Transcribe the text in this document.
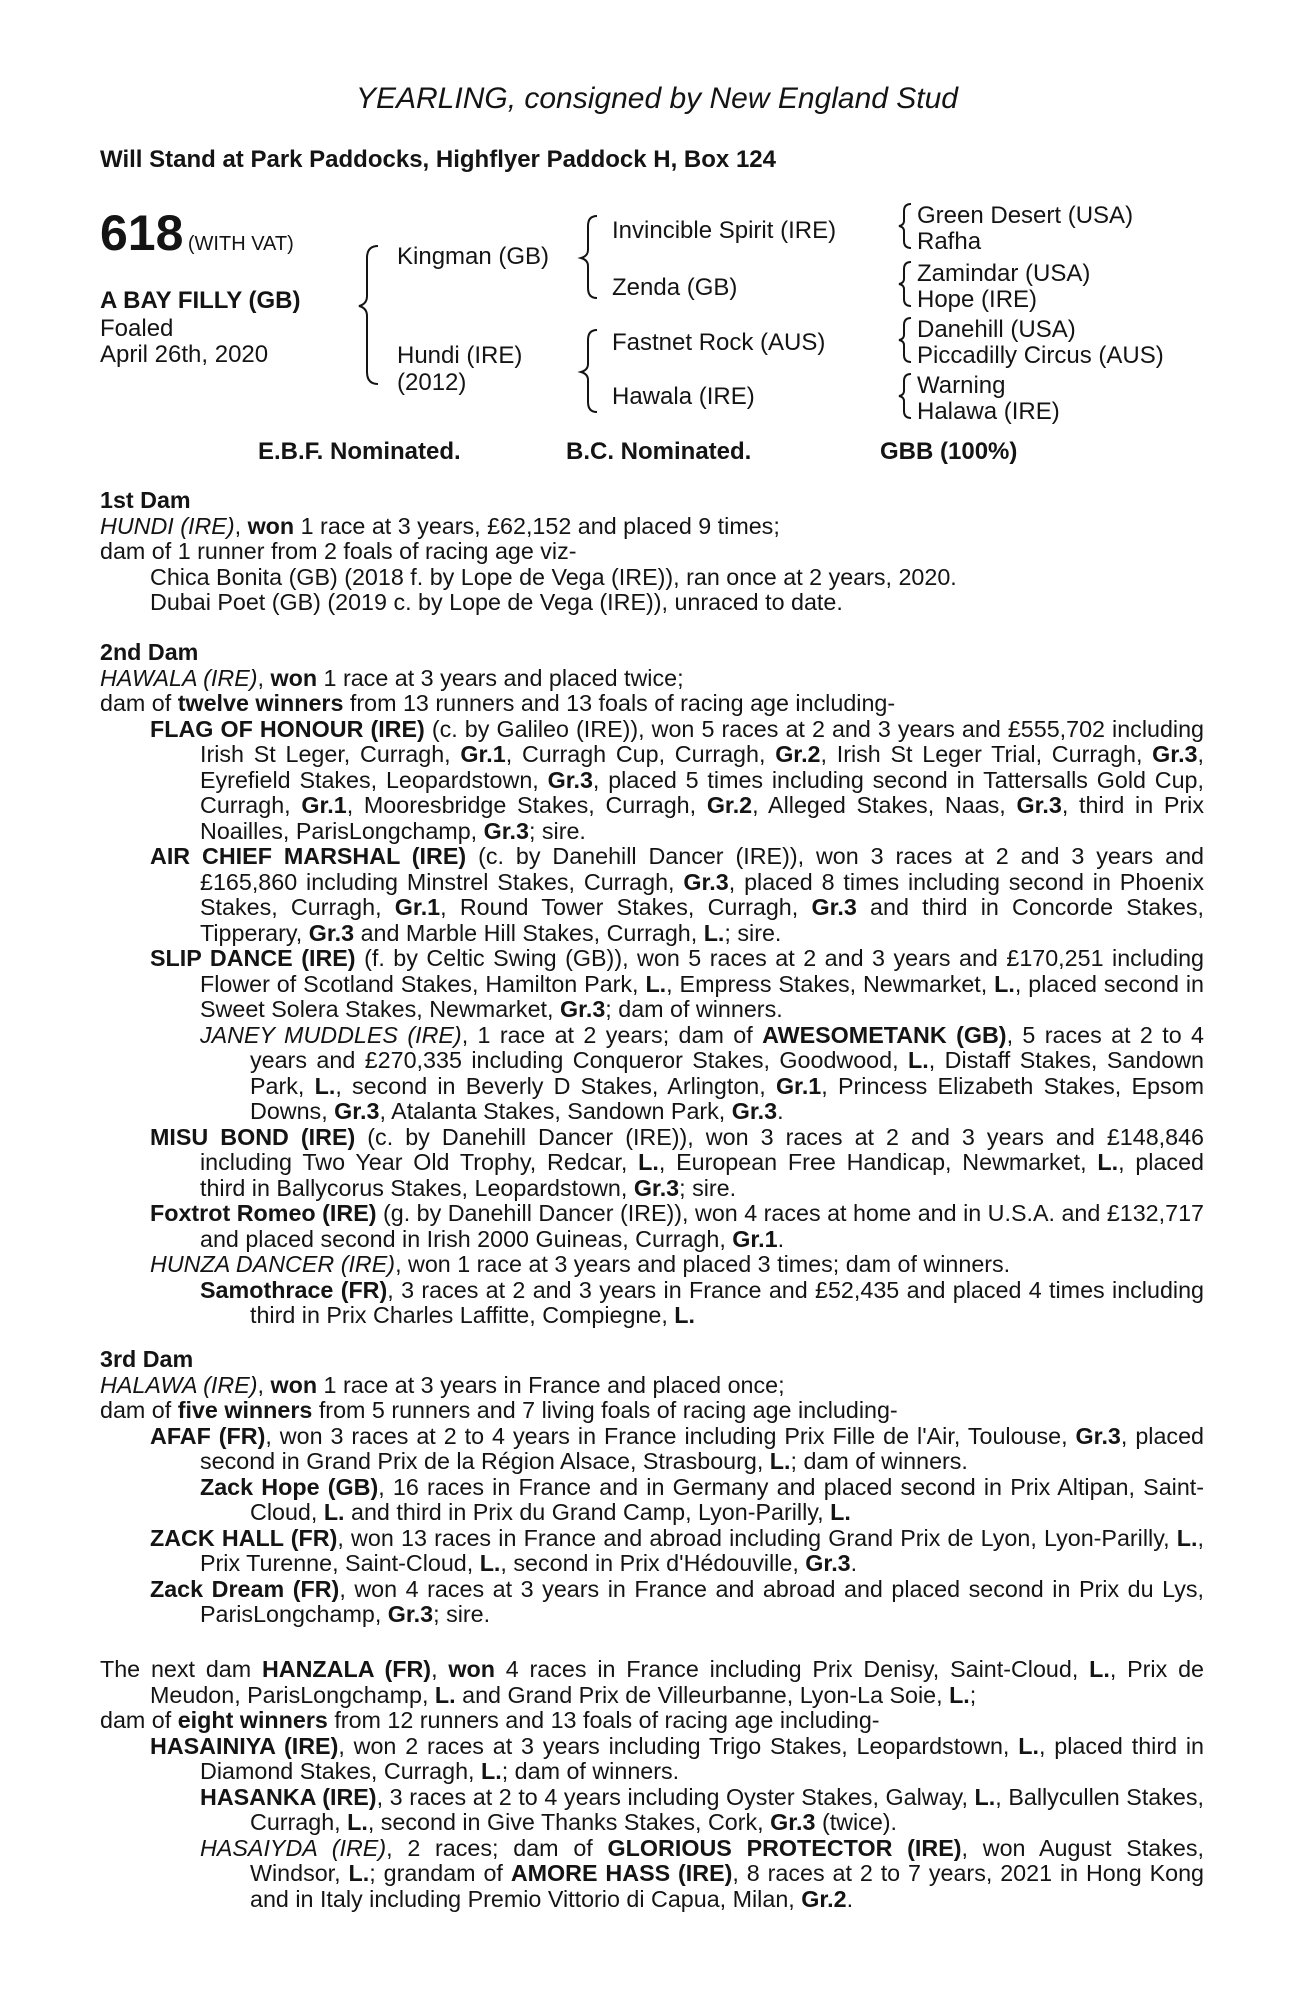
YEARLING, consigned by New England Stud
Will Stand at Park Paddocks, Highflyer Paddock H, Box 124
618 (WITH VAT)
A BAY FILLY (GB)
Foaled
April 26th, 2020
Kingman (GB)
Hundi (IRE)
(2012)
Invincible Spirit (IRE)
Zenda (GB)
Fastnet Rock (AUS)
Hawala (IRE)
Green Desert (USA)
Rafha
Zamindar (USA)
Hope (IRE)
Danehill (USA)
Piccadilly Circus (AUS)
Warning
Halawa (IRE)
E.B.F. Nominated.	B.C. Nominated.	GBB (100%)
1st Dam
HUNDI (IRE), won 1 race at 3 years, £62,152 and placed 9 times;
dam of 1 runner from 2 foals of racing age viz-
Chica Bonita (GB) (2018 f. by Lope de Vega (IRE)), ran once at 2 years, 2020.
Dubai Poet (GB) (2019 c. by Lope de Vega (IRE)), unraced to date.
2nd Dam
HAWALA (IRE), won 1 race at 3 years and placed twice;
dam of twelve winners from 13 runners and 13 foals of racing age including-
FLAG OF HONOUR (IRE) (c. by Galileo (IRE)), won 5 races at 2 and 3 years and £555,702 including Irish St Leger, Curragh, Gr.1, Curragh Cup, Curragh, Gr.2, Irish St Leger Trial, Curragh, Gr.3, Eyrefield Stakes, Leopardstown, Gr.3, placed 5 times including second in Tattersalls Gold Cup, Curragh, Gr.1, Mooresbridge Stakes, Curragh, Gr.2, Alleged Stakes, Naas, Gr.3, third in Prix Noailles, ParisLongchamp, Gr.3; sire.
AIR CHIEF MARSHAL (IRE) (c. by Danehill Dancer (IRE)), won 3 races at 2 and 3 years and £165,860 including Minstrel Stakes, Curragh, Gr.3, placed 8 times including second in Phoenix Stakes, Curragh, Gr.1, Round Tower Stakes, Curragh, Gr.3 and third in Concorde Stakes, Tipperary, Gr.3 and Marble Hill Stakes, Curragh, L.; sire.
SLIP DANCE (IRE) (f. by Celtic Swing (GB)), won 5 races at 2 and 3 years and £170,251 including Flower of Scotland Stakes, Hamilton Park, L., Empress Stakes, Newmarket, L., placed second in Sweet Solera Stakes, Newmarket, Gr.3; dam of winners.
JANEY MUDDLES (IRE), 1 race at 2 years; dam of AWESOMETANK (GB), 5 races at 2 to 4 years and £270,335 including Conqueror Stakes, Goodwood, L., Distaff Stakes, Sandown Park, L., second in Beverly D Stakes, Arlington, Gr.1, Princess Elizabeth Stakes, Epsom Downs, Gr.3, Atalanta Stakes, Sandown Park, Gr.3.
MISU BOND (IRE) (c. by Danehill Dancer (IRE)), won 3 races at 2 and 3 years and £148,846 including Two Year Old Trophy, Redcar, L., European Free Handicap, Newmarket, L., placed third in Ballycorus Stakes, Leopardstown, Gr.3; sire.
Foxtrot Romeo (IRE) (g. by Danehill Dancer (IRE)), won 4 races at home and in U.S.A. and £132,717 and placed second in Irish 2000 Guineas, Curragh, Gr.1.
HUNZA DANCER (IRE), won 1 race at 3 years and placed 3 times; dam of winners.
Samothrace (FR), 3 races at 2 and 3 years in France and £52,435 and placed 4 times including third in Prix Charles Laffitte, Compiegne, L.
3rd Dam
HALAWA (IRE), won 1 race at 3 years in France and placed once;
dam of five winners from 5 runners and 7 living foals of racing age including-
AFAF (FR), won 3 races at 2 to 4 years in France including Prix Fille de l'Air, Toulouse, Gr.3, placed second in Grand Prix de la Région Alsace, Strasbourg, L.; dam of winners.
Zack Hope (GB), 16 races in France and in Germany and placed second in Prix Altipan, Saint-Cloud, L. and third in Prix du Grand Camp, Lyon-Parilly, L.
ZACK HALL (FR), won 13 races in France and abroad including Grand Prix de Lyon, Lyon-Parilly, L., Prix Turenne, Saint-Cloud, L., second in Prix d'Hédouville, Gr.3.
Zack Dream (FR), won 4 races at 3 years in France and abroad and placed second in Prix du Lys, ParisLongchamp, Gr.3; sire.
The next dam HANZALA (FR), won 4 races in France including Prix Denisy, Saint-Cloud, L., Prix de Meudon, ParisLongchamp, L. and Grand Prix de Villeurbanne, Lyon-La Soie, L.;
dam of eight winners from 12 runners and 13 foals of racing age including-
HASAINIYA (IRE), won 2 races at 3 years including Trigo Stakes, Leopardstown, L., placed third in Diamond Stakes, Curragh, L.; dam of winners.
HASANKA (IRE), 3 races at 2 to 4 years including Oyster Stakes, Galway, L., Ballycullen Stakes, Curragh, L., second in Give Thanks Stakes, Cork, Gr.3 (twice).
HASAIYDA (IRE), 2 races; dam of GLORIOUS PROTECTOR (IRE), won August Stakes, Windsor, L.; grandam of AMORE HASS (IRE), 8 races at 2 to 7 years, 2021 in Hong Kong and in Italy including Premio Vittorio di Capua, Milan, Gr.2.
